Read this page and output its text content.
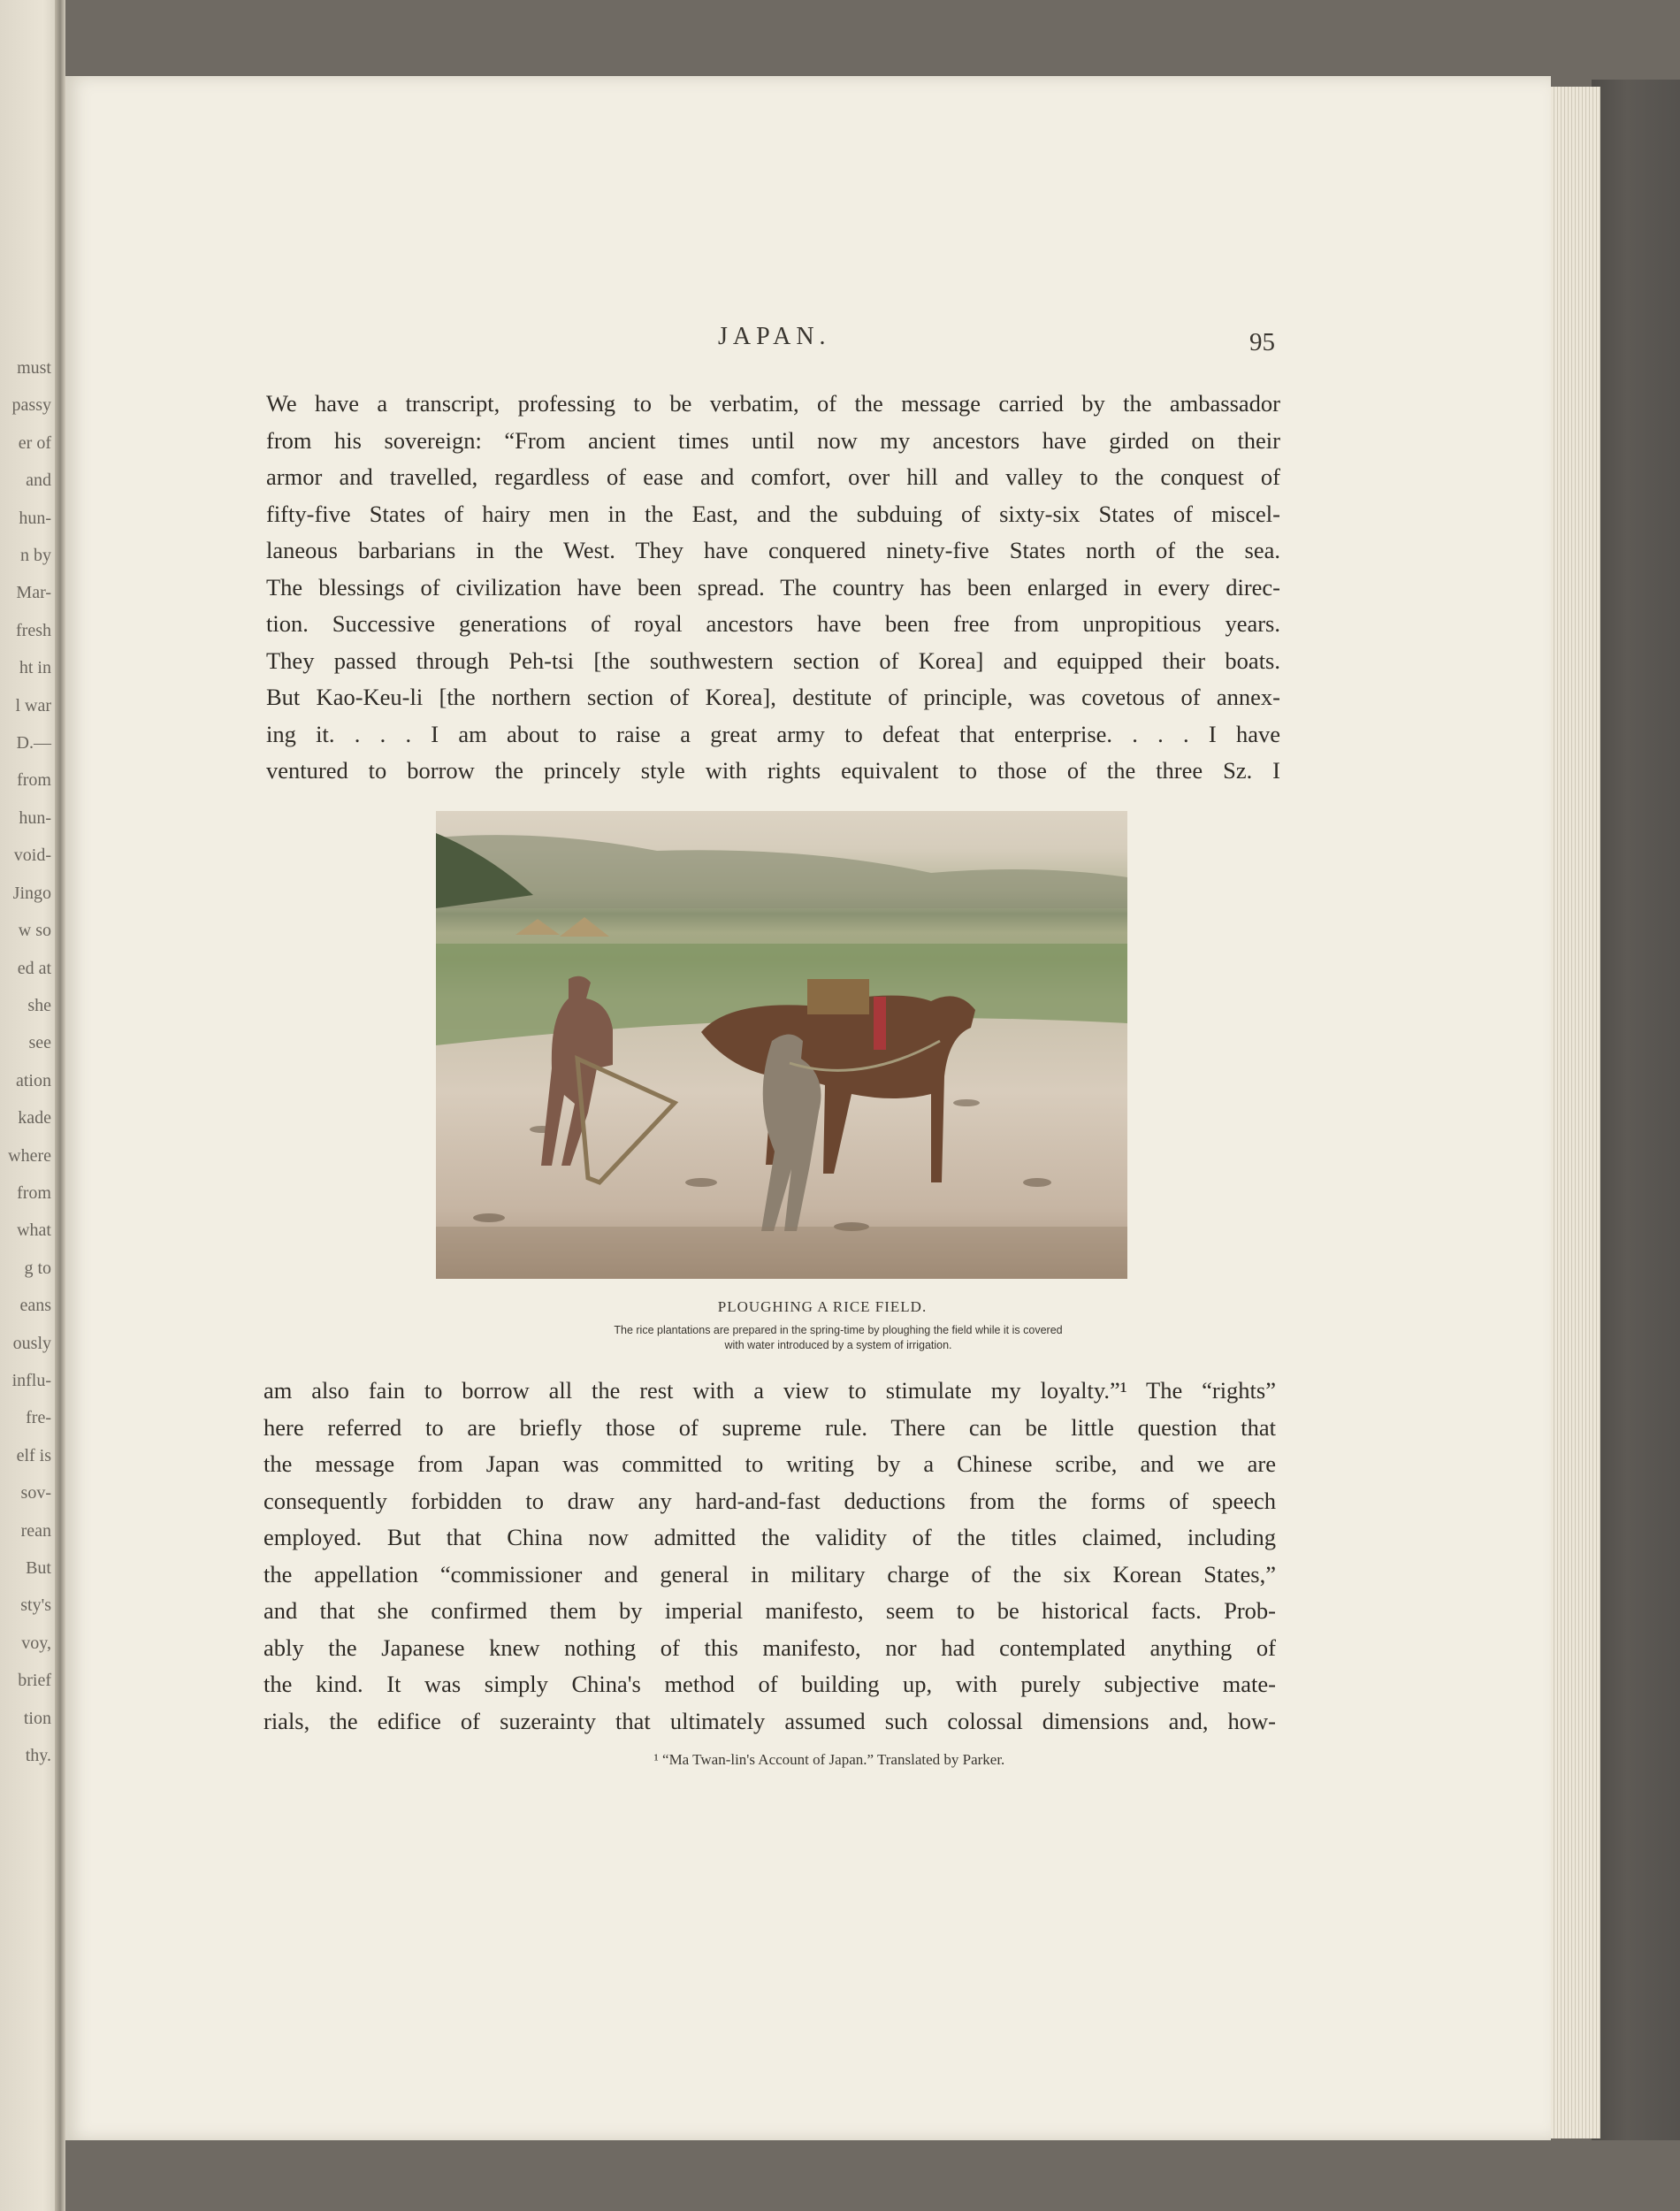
must
passy
er of
and
hun-
n by
Mar-
fresh
ht in
l war
D.—
from
hun-
void-
Jingo
w so
ed at
she
see
ation
kade
where
from
what
g to
eans
ously
influ-
fre-
elf is
sov-
rean
But
sty's
voy,
brief
tion
thy.
JAPAN.	95
We have a transcript, professing to be verbatim, of the message carried by the ambassador
from his sovereign: “From ancient times until now my ancestors have girded on their
armor and travelled, regardless of ease and comfort, over hill and valley to the conquest of
fifty-five States of hairy men in the East, and the subduing of sixty-six States of miscel-
laneous barbarians in the West. They have conquered ninety-five States north of the sea.
The blessings of civilization have been spread. The country has been enlarged in every direc-
tion. Successive generations of royal ancestors have been free from unpropitious years.
They passed through Peh-tsi [the southwestern section of Korea] and equipped their boats.
But Kao-Keu-li [the northern section of Korea], destitute of principle, was covetous of annex-
ing it. . . . I am about to raise a great army to defeat that enterprise. . . . I have
ventured to borrow the princely style with rights equivalent to those of the three Sz. I
PLOUGHING A RICE FIELD.
The rice plantations are prepared in the spring-time by ploughing the field while it is covered with water introduced by a system of irrigation.
am also fain to borrow all the rest with a view to stimulate my loyalty.”¹ The “rights”
here referred to are briefly those of supreme rule. There can be little question that
the message from Japan was committed to writing by a Chinese scribe, and we are
consequently forbidden to draw any hard-and-fast deductions from the forms of speech
employed. But that China now admitted the validity of the titles claimed, including
the appellation “commissioner and general in military charge of the six Korean States,”
and that she confirmed them by imperial manifesto, seem to be historical facts. Prob-
ably the Japanese knew nothing of this manifesto, nor had contemplated anything of
the kind. It was simply China's method of building up, with purely subjective mate-
rials, the edifice of suzerainty that ultimately assumed such colossal dimensions and, how-
¹ “Ma Twan-lin's Account of Japan.” Translated by Parker.
